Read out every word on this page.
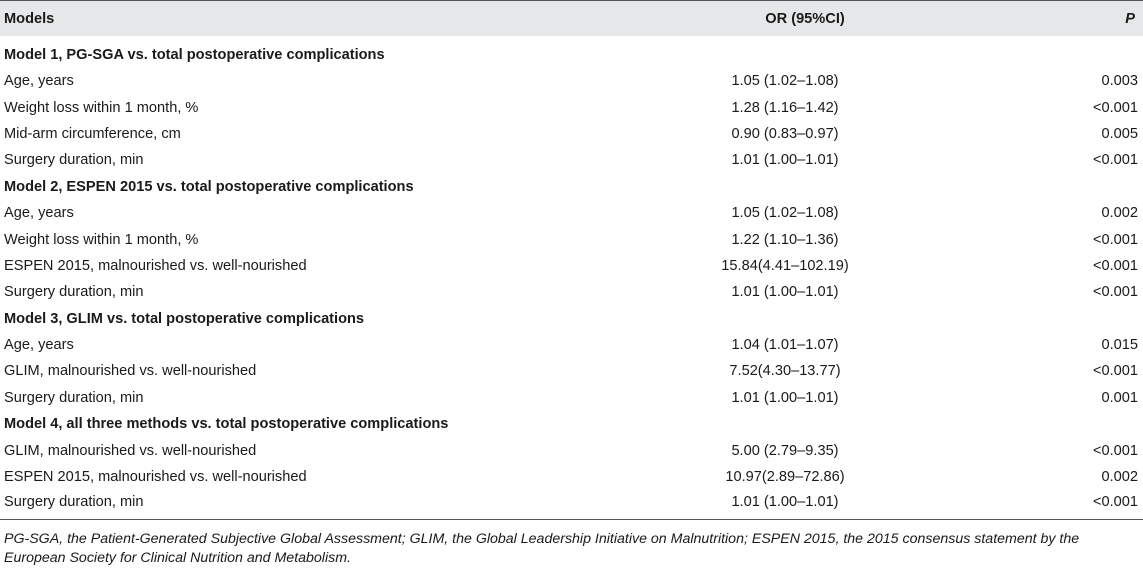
Models	OR (95%CI)	P
Model 1, PG-SGA vs. total postoperative complications		
Age, years	1.05 (1.02–1.08)	0.003
Weight loss within 1 month, %	1.28 (1.16–1.42)	<0.001
Mid-arm circumference, cm	0.90 (0.83–0.97)	0.005
Surgery duration, min	1.01 (1.00–1.01)	<0.001
Model 2, ESPEN 2015 vs. total postoperative complications		
Age, years	1.05 (1.02–1.08)	0.002
Weight loss within 1 month, %	1.22 (1.10–1.36)	<0.001
ESPEN 2015, malnourished vs. well-nourished	15.84(4.41–102.19)	<0.001
Surgery duration, min	1.01 (1.00–1.01)	<0.001
Model 3, GLIM vs. total postoperative complications		
Age, years	1.04 (1.01–1.07)	0.015
GLIM, malnourished vs. well-nourished	7.52(4.30–13.77)	<0.001
Surgery duration, min	1.01 (1.00–1.01)	0.001
Model 4, all three methods vs. total postoperative complications		
GLIM, malnourished vs. well-nourished	5.00 (2.79–9.35)	<0.001
ESPEN 2015, malnourished vs. well-nourished	10.97(2.89–72.86)	0.002
Surgery duration, min	1.01 (1.00–1.01)	<0.001
PG-SGA, the Patient-Generated Subjective Global Assessment; GLIM, the Global Leadership Initiative on Malnutrition; ESPEN 2015, the 2015 consensus statement by the European Society for Clinical Nutrition and Metabolism.
